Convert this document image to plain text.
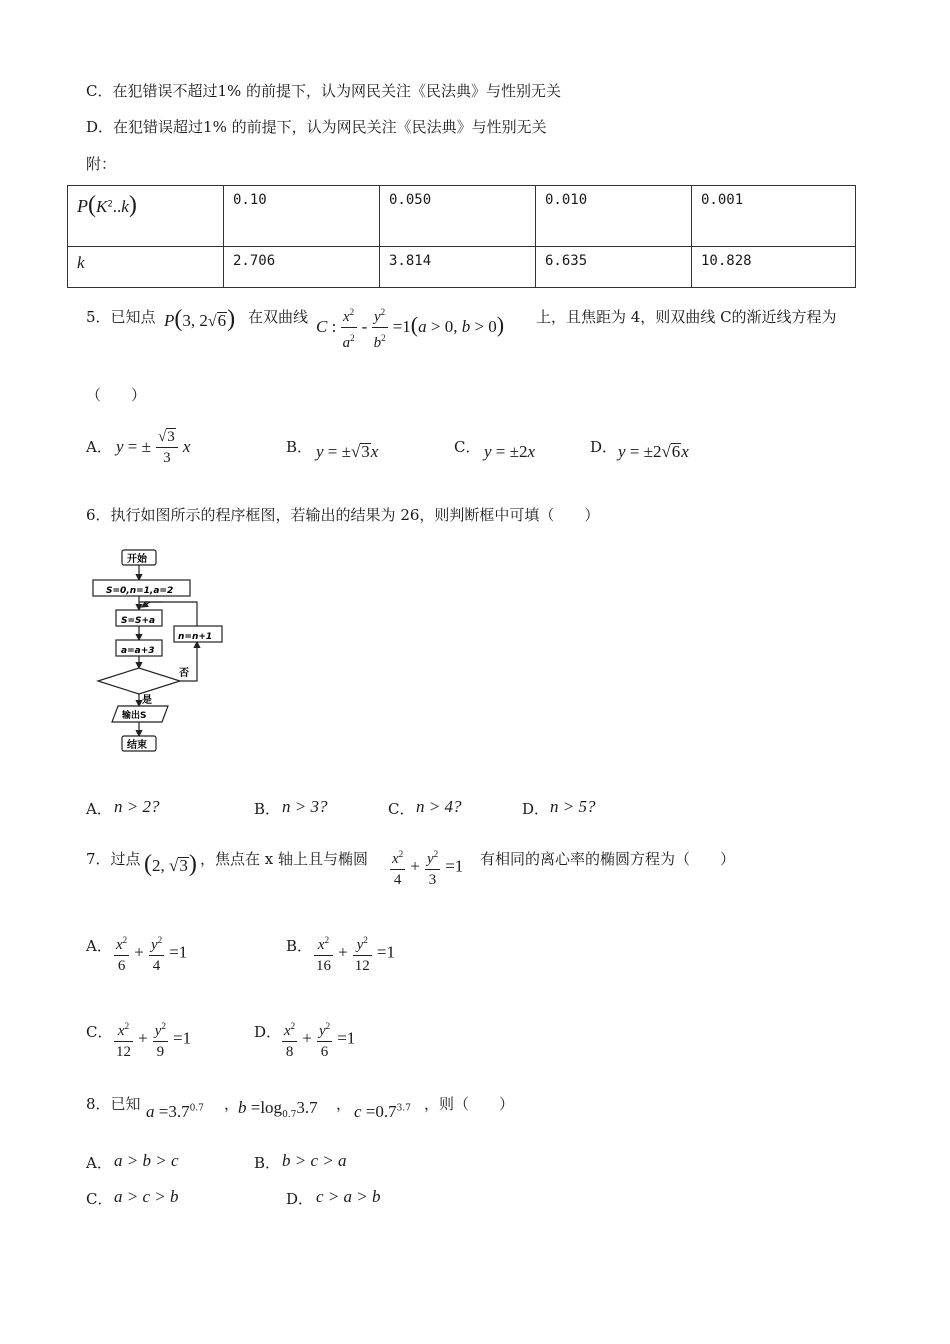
C．在犯错误不超过1% 的前提下，认为网民关注《民法典》与性别无关
D．在犯错误超过1% 的前提下，认为网民关注《民法典》与性别无关
附：
$P(K^2..k)$	0.10	0.050	0.010	0.001
k	2.706	3.814	6.635	10.828
5．已知点 P(3, 2√6) 在双曲线 C : $\frac{x^2}{a^2} - \frac{y^2}{b^2} =1(a > 0$, b > 0) 上，且焦距为 4，则双曲线 C的渐近线方程为
（　　）
A． y = ± $\frac{√3}{3}$ x	B． y = ±√3x	C． y = ±2x	D． y = ±2√6x
6．执行如图所示的程序框图，若输出的结果为 26，则判断框中可填（　　）
开始
S=0,n=1,a=2
S=S+a
a=a+3
n=n+1
否
是
输出S
结束
A． n > 2?	B． n > 3?	C． n > 4?	D． n > 5?
7．过点 (2, √3) ，焦点在 x 轴上且与椭圆 $\frac{x^2}{4} + \frac{y^2}{3} =1$ 有相同的离心率的椭圆方程为（　　）
A． $\frac{x^2}{6} + \frac{y^2}{4} =1$	B． $\frac{x^2}{16} + \frac{y^2}{12} =1$
C． $\frac{x^2}{12} + \frac{y^2}{9} =1$	D． $\frac{x^2}{8} + \frac{y^2}{6} =1$
8．已知 $a =3.7^{0.7}$ ，
$b =\log_{0.7}3.7$ ， $c =0.7^{3.7}$ ，则（　　）
A． a > b > c	B． b > c > a
C． a > c > b	D． c > a > b
